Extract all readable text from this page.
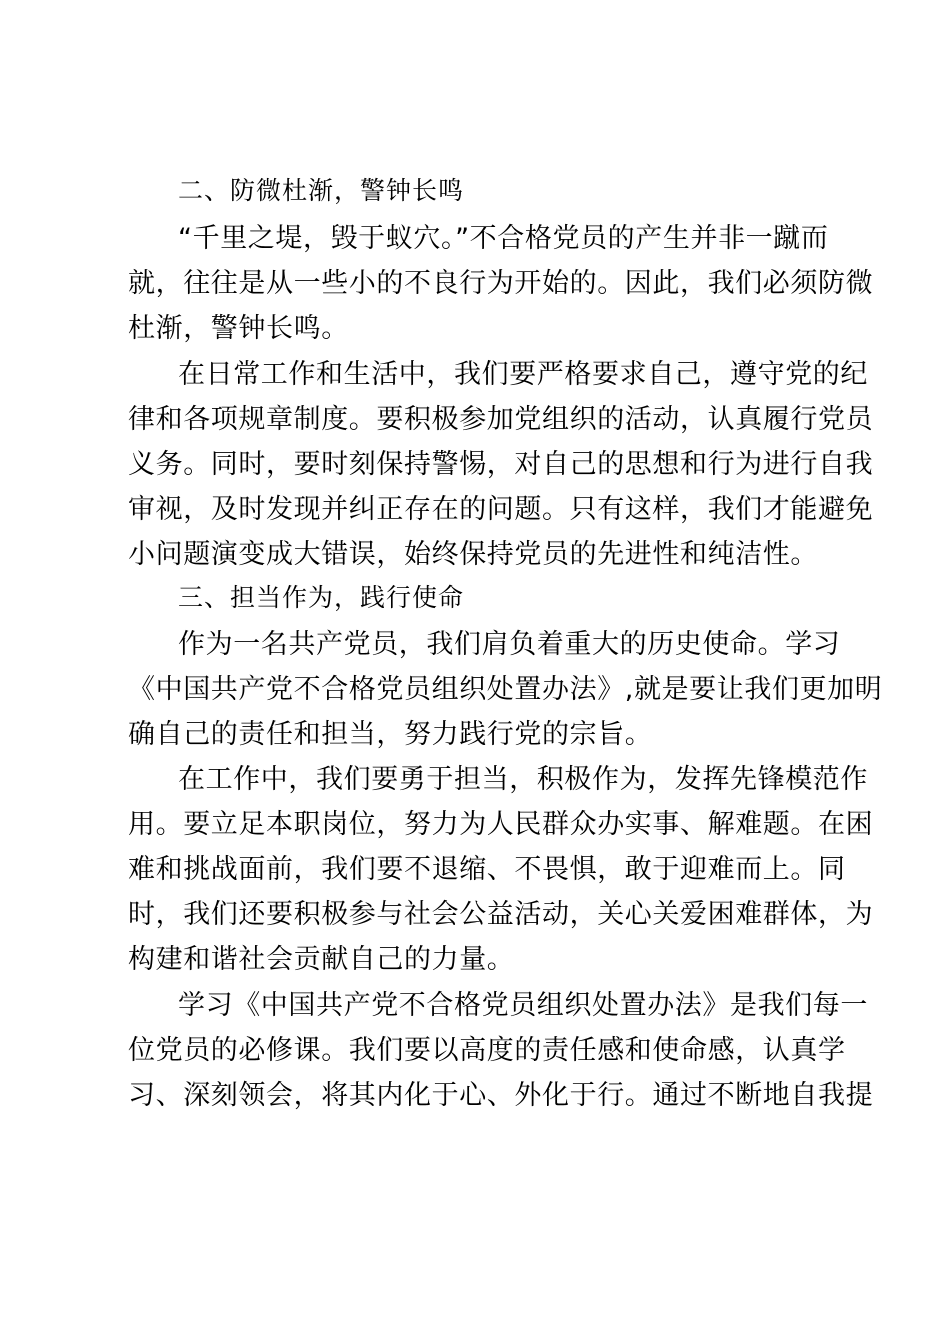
二、防微杜渐，警钟长鸣
“千里之堤，毁于蚁穴。”不合格党员的产生并非一蹴而
就，往往是从一些小的不良行为开始的。因此，我们必须防微
杜渐，警钟长鸣。
在日常工作和生活中，我们要严格要求自己，遵守党的纪
律和各项规章制度。要积极参加党组织的活动，认真履行党员
义务。同时，要时刻保持警惕，对自己的思想和行为进行自我
审视，及时发现并纠正存在的问题。只有这样，我们才能避免
小问题演变成大错误，始终保持党员的先进性和纯洁性。
三、担当作为，践行使命
作为一名共产党员，我们肩负着重大的历史使命。学习
《中国共产党不合格党员组织处置办法》,就是要让我们更加明
确自己的责任和担当，努力践行党的宗旨。
在工作中，我们要勇于担当，积极作为，发挥先锋模范作
用。要立足本职岗位，努力为人民群众办实事、解难题。在困
难和挑战面前，我们要不退缩、不畏惧，敢于迎难而上。同
时，我们还要积极参与社会公益活动，关心关爱困难群体，为
构建和谐社会贡献自己的力量。
学习《中国共产党不合格党员组织处置办法》是我们每一
位党员的必修课。我们要以高度的责任感和使命感，认真学
习、深刻领会，将其内化于心、外化于行。通过不断地自我提
